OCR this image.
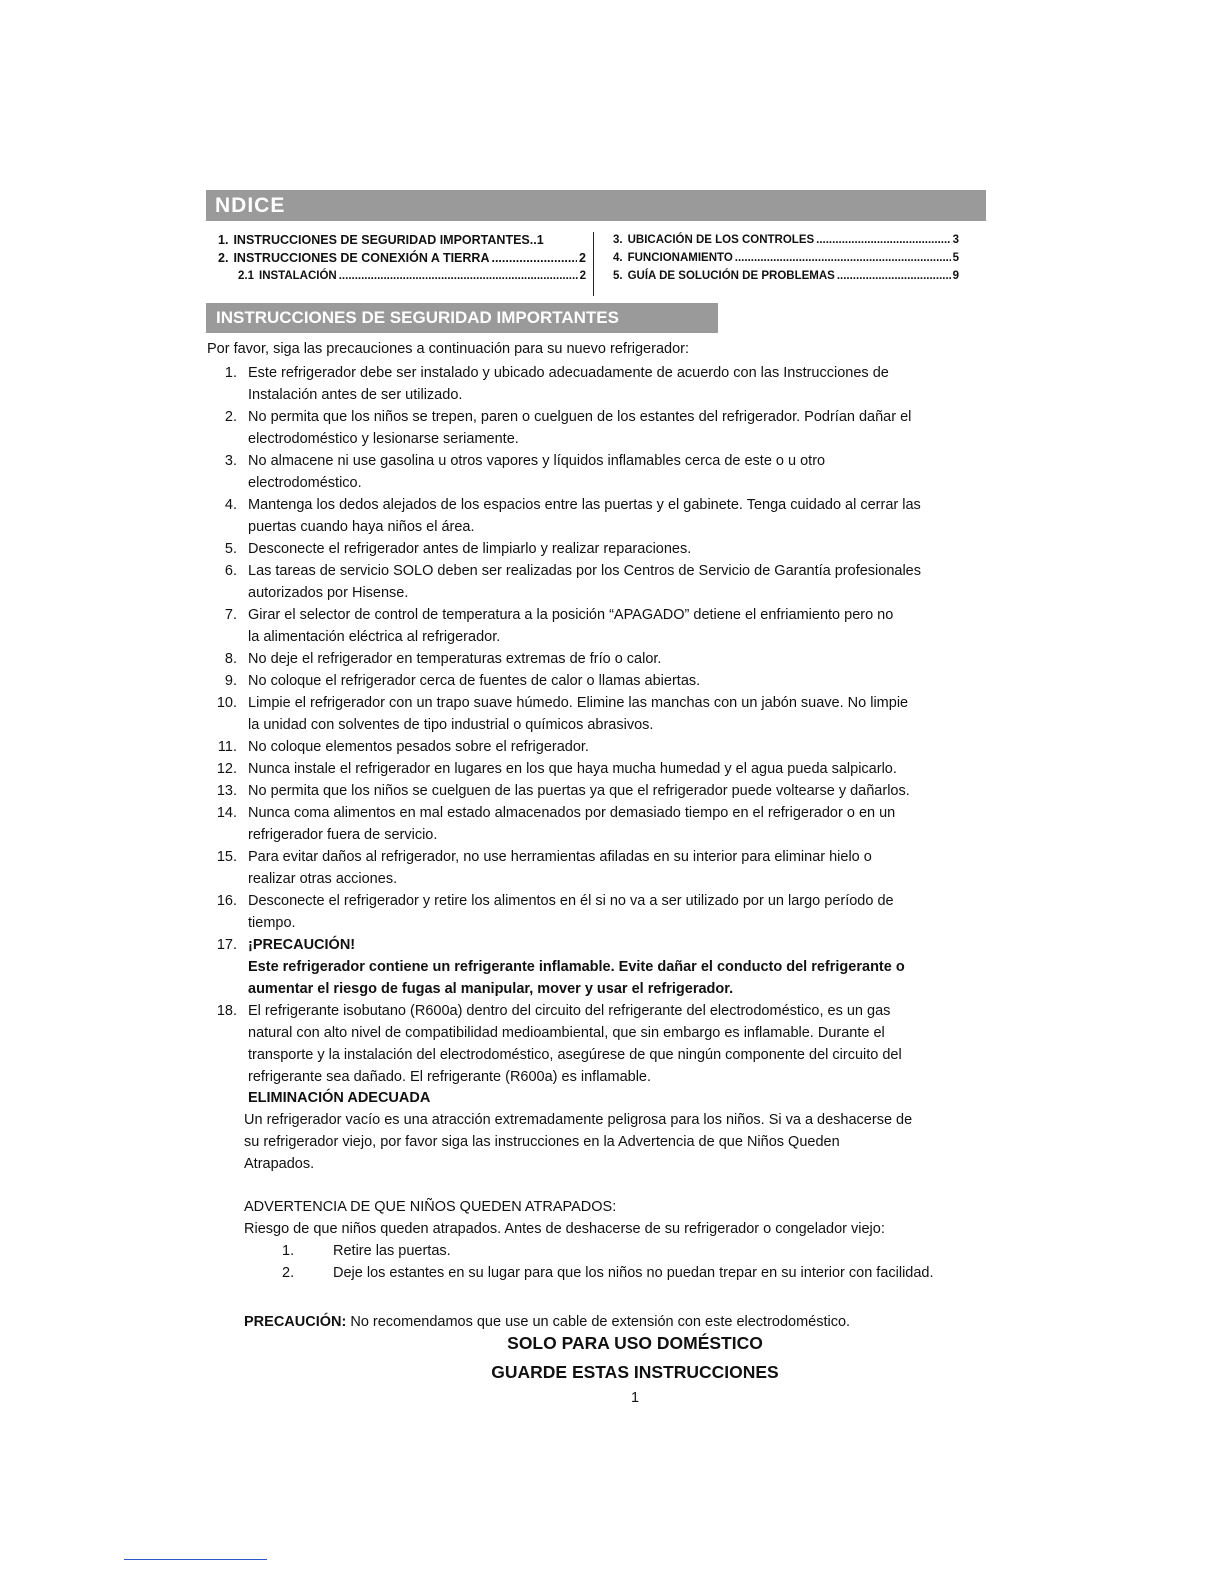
NDICE
1. INSTRUCCIONES DE SEGURIDAD IMPORTANTES. .1
2. INSTRUCCIONES DE CONEXIÓN A TIERRA .....	2
2.1 INSTALACIÓN .....	2
3. UBICACIÓN DE LOS CONTROLES .....	3
4. FUNCIONAMIENTO .....	5
5. GUÍA DE SOLUCIÓN DE PROBLEMAS .....	9
INSTRUCCIONES DE SEGURIDAD IMPORTANTES
Por favor, siga las precauciones a continuación para su nuevo refrigerador:
1. Este refrigerador debe ser instalado y ubicado adecuadamente de acuerdo con las Instrucciones de
Instalación antes de ser utilizado.
2. No permita que los niños se trepen, paren o cuelguen de los estantes del refrigerador. Podrían dañar el
electrodoméstico y lesionarse seriamente.
3. No almacene ni use gasolina u otros vapores y líquidos inflamables cerca de este o u otro
electrodoméstico.
4. Mantenga los dedos alejados de los espacios entre las puertas y el gabinete. Tenga cuidado al cerrar las
puertas cuando haya niños el área.
5. Desconecte el refrigerador antes de limpiarlo y realizar reparaciones.
6. Las tareas de servicio SOLO deben ser realizadas por los Centros de Servicio de Garantía profesionales
autorizados por Hisense.
7. Girar el selector de control de temperatura a la posición “APAGADO” detiene el enfriamiento pero no
la alimentación eléctrica al refrigerador.
8. No deje el refrigerador en temperaturas extremas de frío o calor.
9. No coloque el refrigerador cerca de fuentes de calor o llamas abiertas.
10. Limpie el refrigerador con un trapo suave húmedo. Elimine las manchas con un jabón suave. No limpie
la unidad con solventes de tipo industrial o químicos abrasivos.
11. No coloque elementos pesados sobre el refrigerador.
12. Nunca instale el refrigerador en lugares en los que haya mucha humedad y el agua pueda salpicarlo.
13. No permita que los niños se cuelguen de las puertas ya que el refrigerador puede voltearse y dañarlos.
14. Nunca coma alimentos en mal estado almacenados por demasiado tiempo en el refrigerador o en un
refrigerador fuera de servicio.
15. Para evitar daños al refrigerador, no use herramientas afiladas en su interior para eliminar hielo o
realizar otras acciones.
16. Desconecte el refrigerador y retire los alimentos en él si no va a ser utilizado por un largo período de
tiempo.
17. ¡PRECAUCIÓN!
Este refrigerador contiene un refrigerante inflamable. Evite dañar el conducto del refrigerante o
aumentar el riesgo de fugas al manipular, mover y usar el refrigerador.
18. El refrigerante isobutano (R600a) dentro del circuito del refrigerante del electrodoméstico, es un gas
natural con alto nivel de compatibilidad medioambiental, que sin embargo es inflamable. Durante el
transporte y la instalación del electrodoméstico, asegúrese de que ningún componente del circuito del
refrigerante sea dañado. El refrigerante (R600a) es inflamable.
ELIMINACIÓN ADECUADA
Un refrigerador vacío es una atracción extremadamente peligrosa para los niños. Si va a deshacerse de
su refrigerador viejo, por favor siga las instrucciones en la Advertencia de que Niños Queden
Atrapados.
ADVERTENCIA DE QUE NIÑOS QUEDEN ATRAPADOS:
Riesgo de que niños queden atrapados. Antes de deshacerse de su refrigerador o congelador viejo:
1.	Retire las puertas.
2.	Deje los estantes en su lugar para que los niños no puedan trepar en su interior con facilidad.
PRECAUCIÓN: No recomendamos que use un cable de extensión con este electrodoméstico.
SOLO PARA USO DOMÉSTICO
GUARDE ESTAS INSTRUCCIONES
1
